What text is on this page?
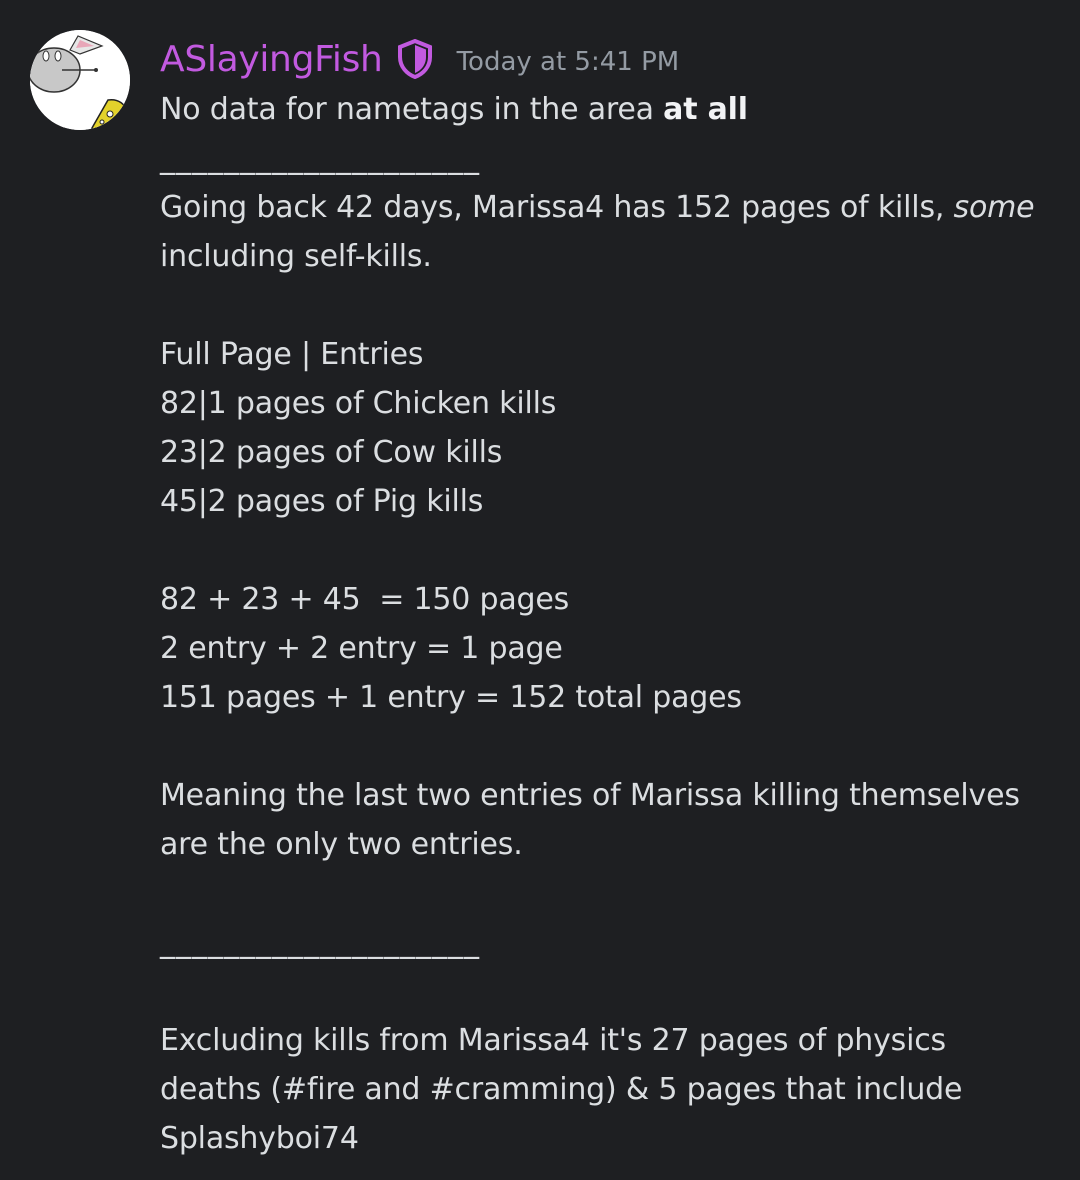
ASlayingFish	Today at 5:41 PM
No data for nametags in the area at all
____________________
Going back 42 days, Marissa4 has 152 pages of kills, some
including self-kills.
Full Page | Entries
82|1 pages of Chicken kills
23|2 pages of Cow kills
45|2 pages of Pig kills
82 + 23 + 45  = 150 pages
2 entry + 2 entry = 1 page
151 pages + 1 entry = 152 total pages
Meaning the last two entries of Marissa killing themselves
are the only two entries.
____________________
Excluding kills from Marissa4 it's 27 pages of physics
deaths (#fire and #cramming) & 5 pages that include
Splashyboi74
